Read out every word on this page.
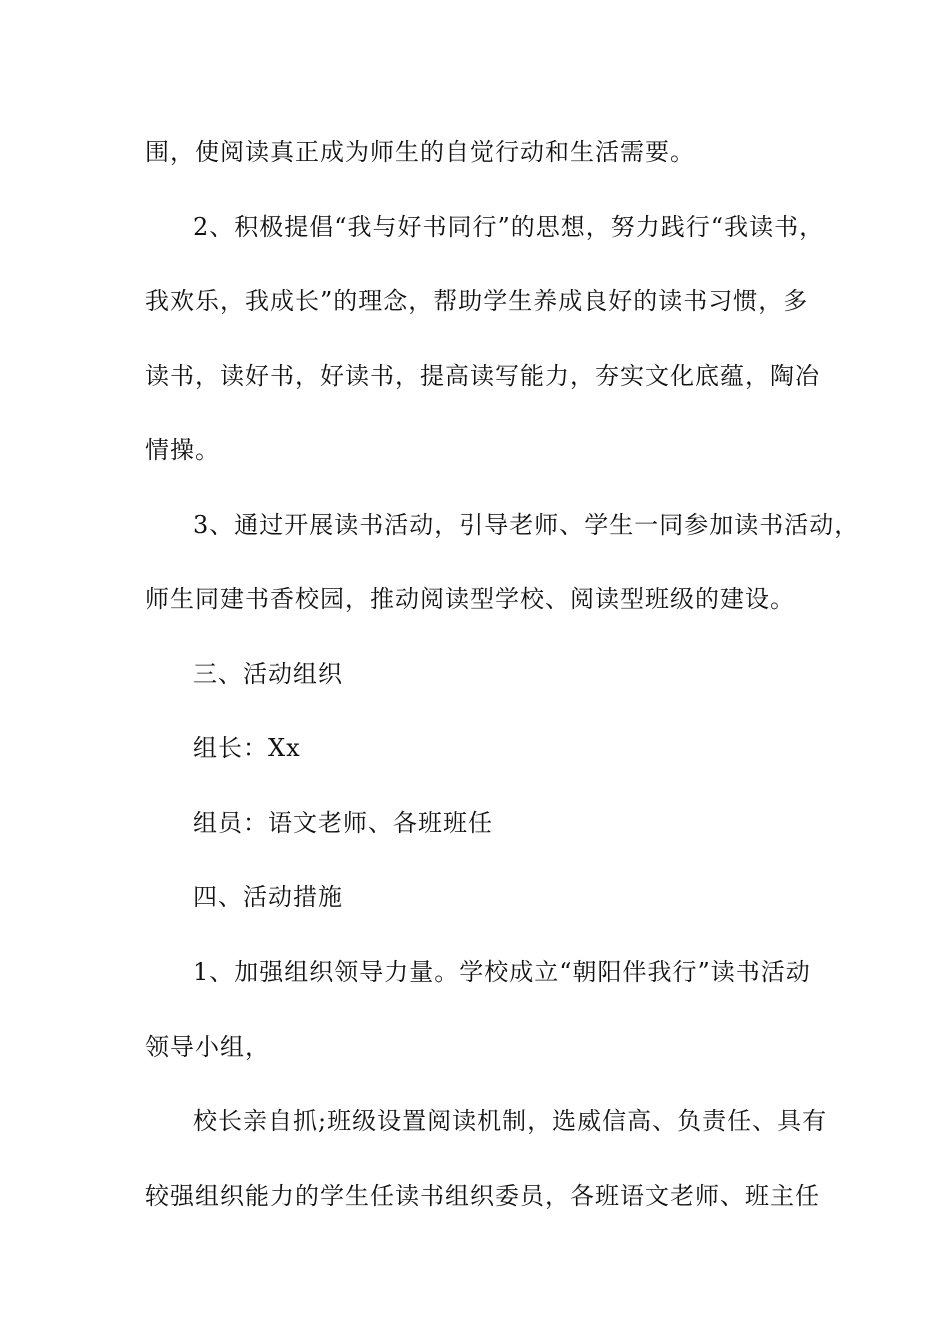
围，使阅读真正成为师生的自觉行动和生活需要。
2、积极提倡“我与好书同行”的思想，努力践行“我读书，
我欢乐，我成长”的理念，帮助学生养成良好的读书习惯，多
读书，读好书，好读书，提高读写能力，夯实文化底蕴，陶冶
情操。
3、通过开展读书活动，引导老师、学生一同参加读书活动，
师生同建书香校园，推动阅读型学校、阅读型班级的建设。
三、活动组织
组长：Xx
组员：语文老师、各班班任
四、活动措施
1、加强组织领导力量。学校成立“朝阳伴我行”读书活动
领导小组，
校长亲自抓;班级设置阅读机制，选威信高、负责任、具有
较强组织能力的学生任读书组织委员，各班语文老师、班主任
